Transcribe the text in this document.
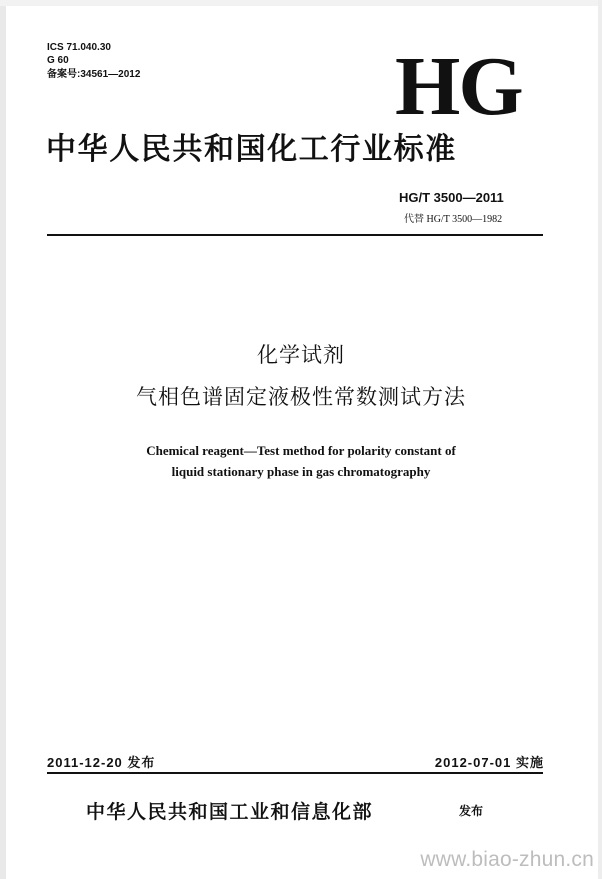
ICS 71.040.30
G 60
备案号:34561—2012	HG
中华人民共和国化工行业标准
HG/T 3500—2011
代替 HG/T 3500—1982
化学试剂
气相色谱固定液极性常数测试方法
Chemical reagent—Test method for polarity constant of
liquid stationary phase in gas chromatography
2011-12-20 发布	2012-07-01 实施
中华人民共和国工业和信息化部	发布
www.biao-zhun.cn
